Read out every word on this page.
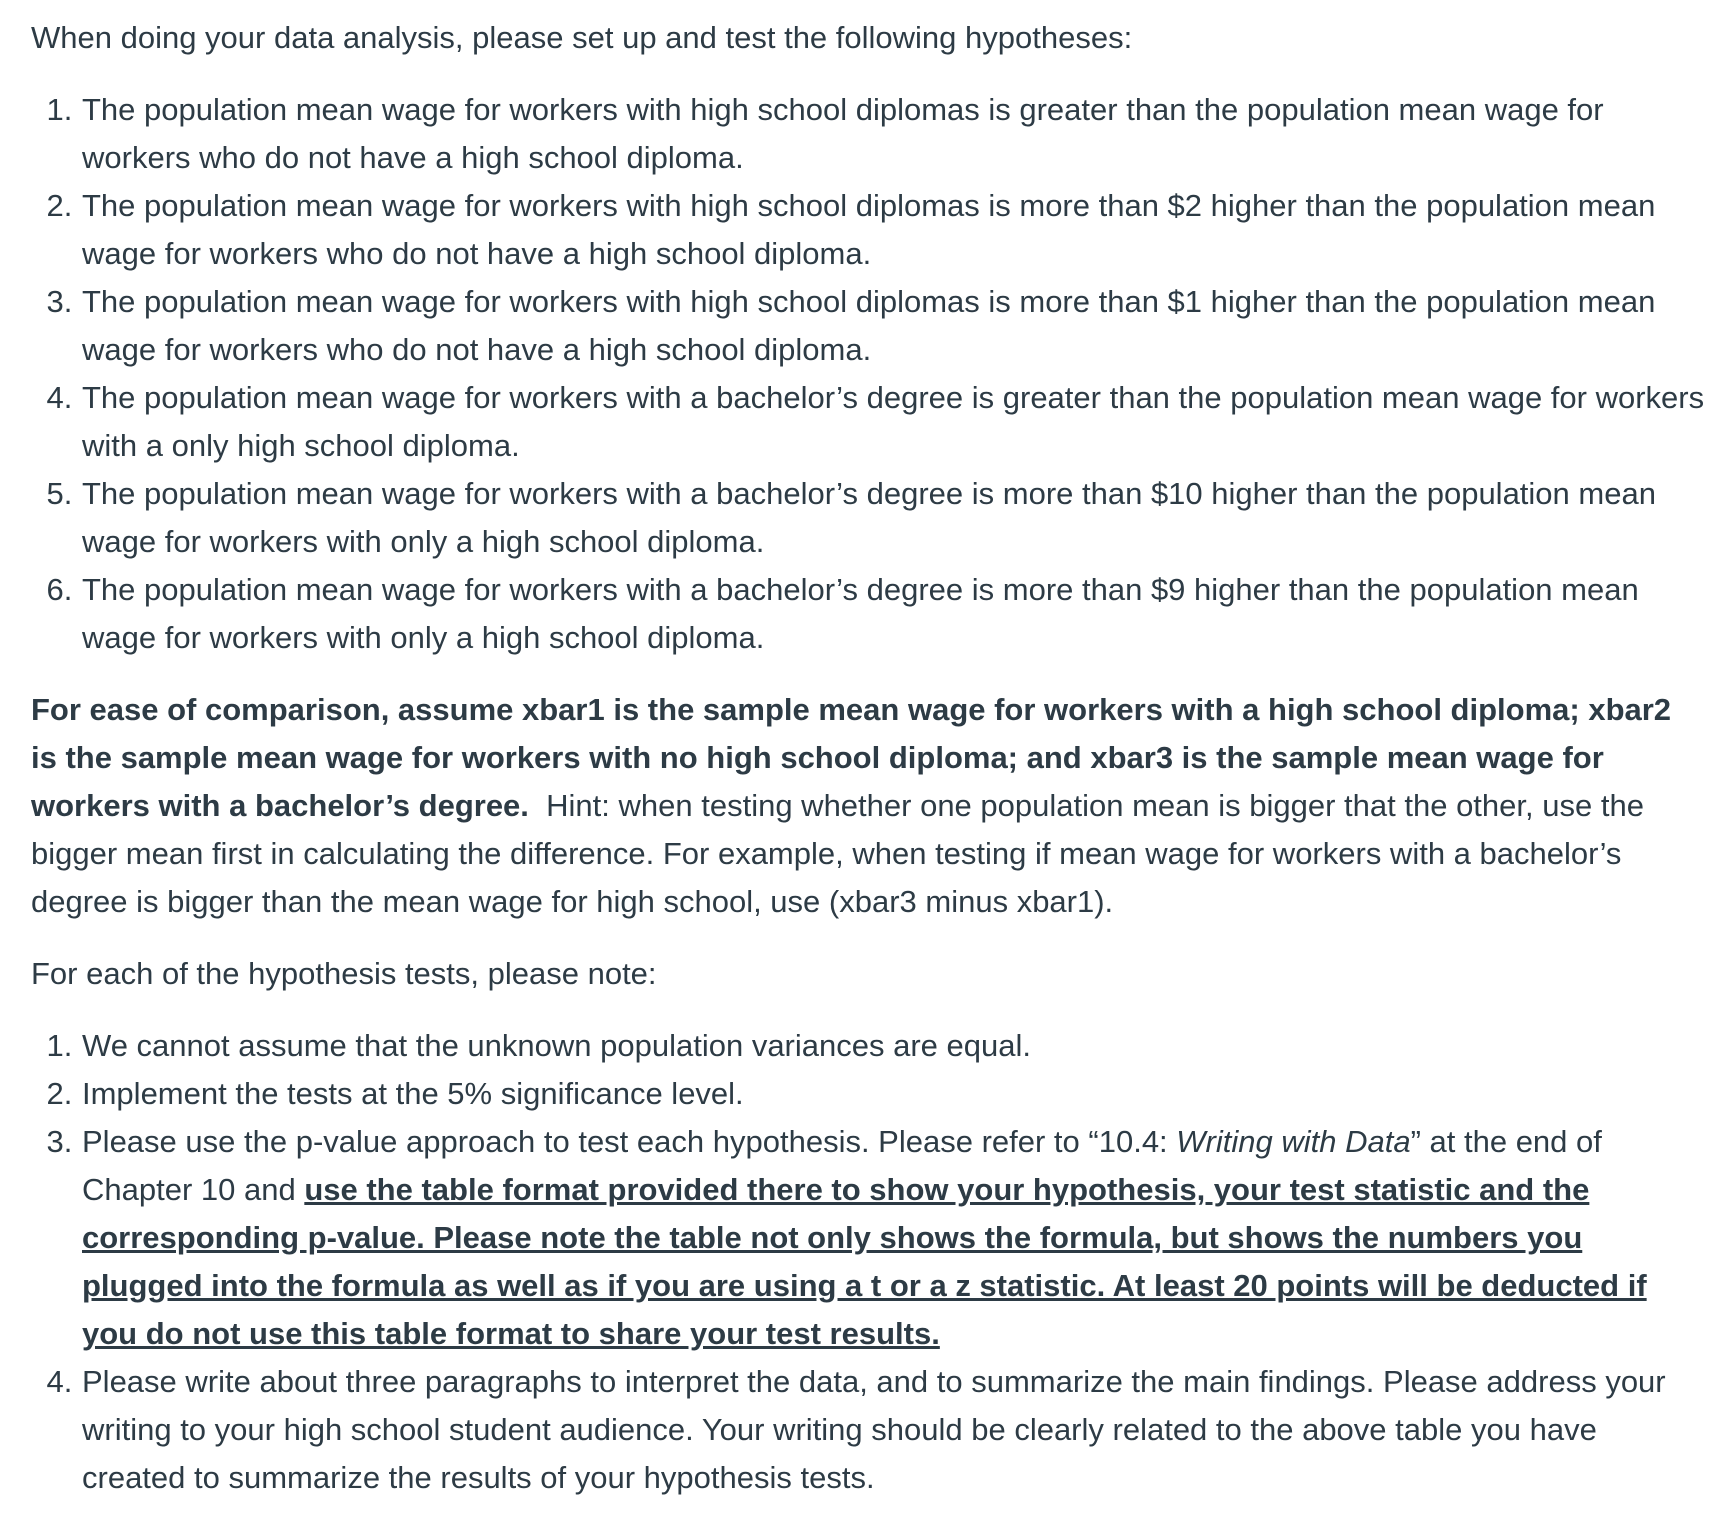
When doing your data analysis, please set up and test the following hypotheses:

1. The population mean wage for workers with high school diplomas is greater than the population mean wage for workers who do not have a high school diploma.
2. The population mean wage for workers with high school diplomas is more than $2 higher than the population mean wage for workers who do not have a high school diploma.
3. The population mean wage for workers with high school diplomas is more than $1 higher than the population mean wage for workers who do not have a high school diploma.
4. The population mean wage for workers with a bachelor’s degree is greater than the population mean wage for workers with a only high school diploma.
5. The population mean wage for workers with a bachelor’s degree is more than $10 higher than the population mean wage for workers with only a high school diploma.
6. The population mean wage for workers with a bachelor’s degree is more than $9 higher than the population mean wage for workers with only a high school diploma.

For ease of comparison, assume xbar1 is the sample mean wage for workers with a high school diploma; xbar2 is the sample mean wage for workers with no high school diploma; and xbar3 is the sample mean wage for workers with a bachelor’s degree. Hint: when testing whether one population mean is bigger that the other, use the bigger mean first in calculating the difference. For example, when testing if mean wage for workers with a bachelor’s degree is bigger than the mean wage for high school, use (xbar3 minus xbar1).

For each of the hypothesis tests, please note:

1. We cannot assume that the unknown population variances are equal.
2. Implement the tests at the 5% significance level.
3. Please use the p-value approach to test each hypothesis. Please refer to “10.4: Writing with Data” at the end of Chapter 10 and use the table format provided there to show your hypothesis, your test statistic and the corresponding p-value. Please note the table not only shows the formula, but shows the numbers you plugged into the formula as well as if you are using a t or a z statistic. At least 20 points will be deducted if you do not use this table format to share your test results.
4. Please write about three paragraphs to interpret the data, and to summarize the main findings. Please address your writing to your high school student audience. Your writing should be clearly related to the above table you have created to summarize the results of your hypothesis tests.
